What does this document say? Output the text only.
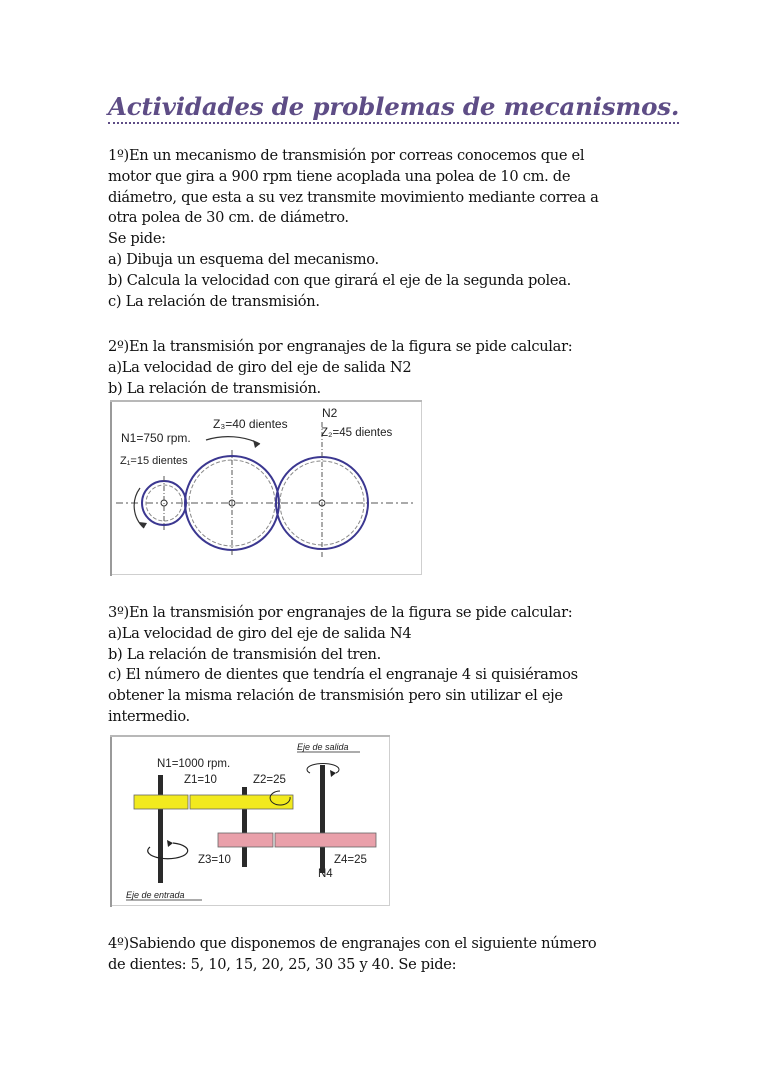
Actividades de problemas de mecanismos.
1º)En un mecanismo de transmisión por correas conocemos que el
motor que gira a 900 rpm tiene acoplada una polea de 10 cm. de
diámetro, que esta a su vez transmite movimiento mediante correa a
otra polea de 30 cm. de diámetro.
Se pide:
a) Dibuja un esquema del mecanismo.
b) Calcula la velocidad con que girará el eje de la segunda polea.
c) La relación de transmisión.
2º)En la transmisión por engranajes de la figura se pide calcular:
a)La velocidad de giro del eje de salida N2
b) La relación de transmisión.
N1=750 rpm.
Z₁=15 dientes
Z₃=40 dientes
N2
Z₂=45 dientes
3º)En la transmisión por engranajes de la figura se pide calcular:
a)La velocidad de giro del eje de salida N4
b) La relación de transmisión del tren.
c) El número de dientes que tendría el engranaje 4 si quisiéramos
obtener la misma relación de transmisión pero sin utilizar el eje
intermedio.
Eje de salida
N1=1000 rpm.
Z1=10	Z2=25
Z3=10	Z4=25
N4
Eje de entrada
4º)Sabiendo que disponemos de engranajes con el siguiente número
de dientes: 5, 10, 15, 20, 25, 30 35 y 40. Se pide:
